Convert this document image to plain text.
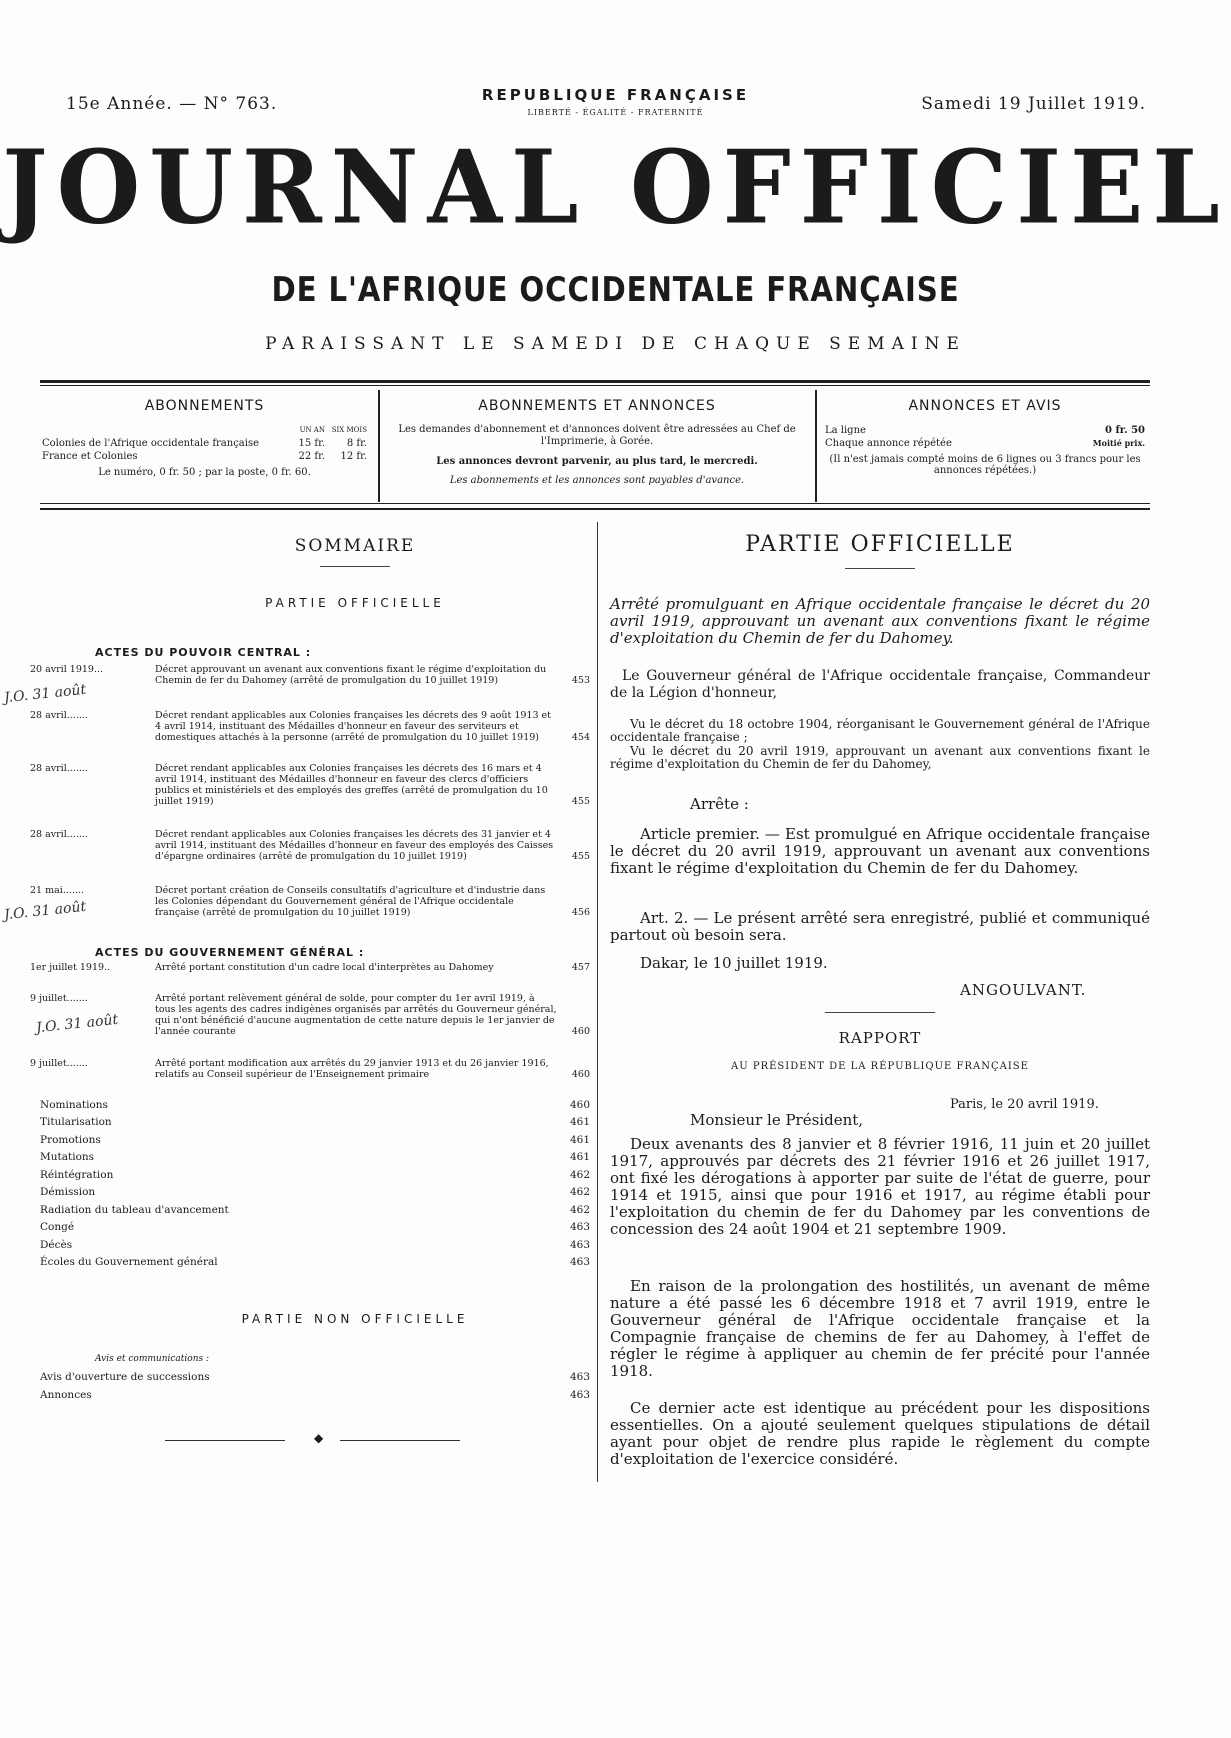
15e Année. — N° 763.	REPUBLIQUE FRANÇAISE
LIBERTÉ - ÉGALITÉ - FRATERNITÉ	Samedi 19 Juillet 1919.
JOURNAL OFFICIEL
DE L'AFRIQUE OCCIDENTALE FRANÇAISE
PARAISSANT LE SAMEDI DE CHAQUE SEMAINE
ABONNEMENTS
UN AN SIX MOIS
Colonies de l'Afrique occidentale française	15 fr.	8 fr.
France et Colonies	22 fr.	12 fr.
Le numéro, 0 fr. 50 ; par la poste, 0 fr. 60.
ABONNEMENTS ET ANNONCES
Les demandes d'abonnement et d'annonces doivent être adressées au Chef de l'Imprimerie, à Gorée.
Les annonces devront parvenir, au plus tard, le mercredi.
Les abonnements et les annonces sont payables d'avance.
ANNONCES ET AVIS
La ligne	0 fr. 50
Chaque annonce répétée	Moitié prix.
(Il n'est jamais compté moins de 6 lignes ou 3 francs pour les annonces répétées.)
SOMMAIRE
PARTIE OFFICIELLE
ACTES DU POUVOIR CENTRAL :
20 avril 1919...	Décret approuvant un avenant aux conventions fixant le régime d'exploitation du Chemin de fer du Dahomey (arrêté de promulgation du 10 juillet 1919)	453
28 avril.......	Décret rendant applicables aux Colonies françaises les décrets des 9 août 1913 et 4 avril 1914, instituant des Médailles d'honneur en faveur des serviteurs et domestiques attachés à la personne (arrêté de promulgation du 10 juillet 1919)	454
28 avril.......	Décret rendant applicables aux Colonies françaises les décrets des 16 mars et 4 avril 1914, instituant des Médailles d'honneur en faveur des clercs d'officiers publics et ministériels et des employés des greffes (arrêté de promulgation du 10 juillet 1919)	455
28 avril.......	Décret rendant applicables aux Colonies françaises les décrets des 31 janvier et 4 avril 1914, instituant des Médailles d'honneur en faveur des employés des Caisses d'épargne ordinaires (arrêté de promulgation du 10 juillet 1919)	455
21 mai.......	Décret portant création de Conseils consultatifs d'agriculture et d'industrie dans les Colonies dépendant du Gouvernement général de l'Afrique occidentale française (arrêté de promulgation du 10 juillet 1919)	456
ACTES DU GOUVERNEMENT GÉNÉRAL :
1er juillet 1919..	Arrêté portant constitution d'un cadre local d'interprètes au Dahomey	457
9 juillet.......	Arrêté portant relèvement général de solde, pour compter du 1er avril 1919, à tous les agents des cadres indigènes organisés par arrêtés du Gouverneur général, qui n'ont bénéficié d'aucune augmentation de cette nature depuis le 1er janvier de l'année courante	460
9 juillet.......	Arrêté portant modification aux arrêtés du 29 janvier 1913 et du 26 janvier 1916, relatifs au Conseil supérieur de l'Enseignement primaire	460
Nominations	460
Titularisation	461
Promotions	461
Mutations	461
Réintégration	462
Démission	462
Radiation du tableau d'avancement	462
Congé	463
Décès	463
Écoles du Gouvernement général	463
PARTIE NON OFFICIELLE
Avis et communications :
Avis d'ouverture de successions	463
Annonces	463
◆
J.O. 31 août
J.O. 31 août
J.O. 31 août
PARTIE OFFICIELLE

Arrêté promulguant en Afrique occidentale française le décret du 20 avril 1919, approuvant un avenant aux conventions fixant le régime d'exploitation du Chemin de fer du Dahomey.

Le Gouverneur général de l'Afrique occidentale française, Commandeur de la Légion d'honneur,

Vu le décret du 18 octobre 1904, réorganisant le Gouvernement général de l'Afrique occidentale française ;

Vu le décret du 20 avril 1919, approuvant un avenant aux conventions fixant le régime d'exploitation du Chemin de fer du Dahomey,

Arrête :

Article premier. — Est promulgué en Afrique occidentale française le décret du 20 avril 1919, approuvant un avenant aux conventions fixant le régime d'exploitation du Chemin de fer du Dahomey.

Art. 2. — Le présent arrêté sera enregistré, publié et communiqué partout où besoin sera.

Dakar, le 10 juillet 1919.

ANGOULVANT.

RAPPORT

AU PRÉSIDENT DE LA RÉPUBLIQUE FRANÇAISE

Paris, le 20 avril 1919.

Monsieur le Président,

Deux avenants des 8 janvier et 8 février 1916, 11 juin et 20 juillet 1917, approuvés par décrets des 21 février 1916 et 26 juillet 1917, ont fixé les dérogations à apporter par suite de l'état de guerre, pour 1914 et 1915, ainsi que pour 1916 et 1917, au régime établi pour l'exploitation du chemin de fer du Dahomey par les conventions de concession des 24 août 1904 et 21 septembre 1909.

En raison de la prolongation des hostilités, un avenant de même nature a été passé les 6 décembre 1918 et 7 avril 1919, entre le Gouverneur général de l'Afrique occidentale française et la Compagnie française de chemins de fer au Dahomey, à l'effet de régler le régime à appliquer au chemin de fer précité pour l'année 1918.

Ce dernier acte est identique au précédent pour les dispositions essentielles. On a ajouté seulement quelques stipulations de détail ayant pour objet de rendre plus rapide le règlement du compte d'exploitation de l'exercice considéré.
